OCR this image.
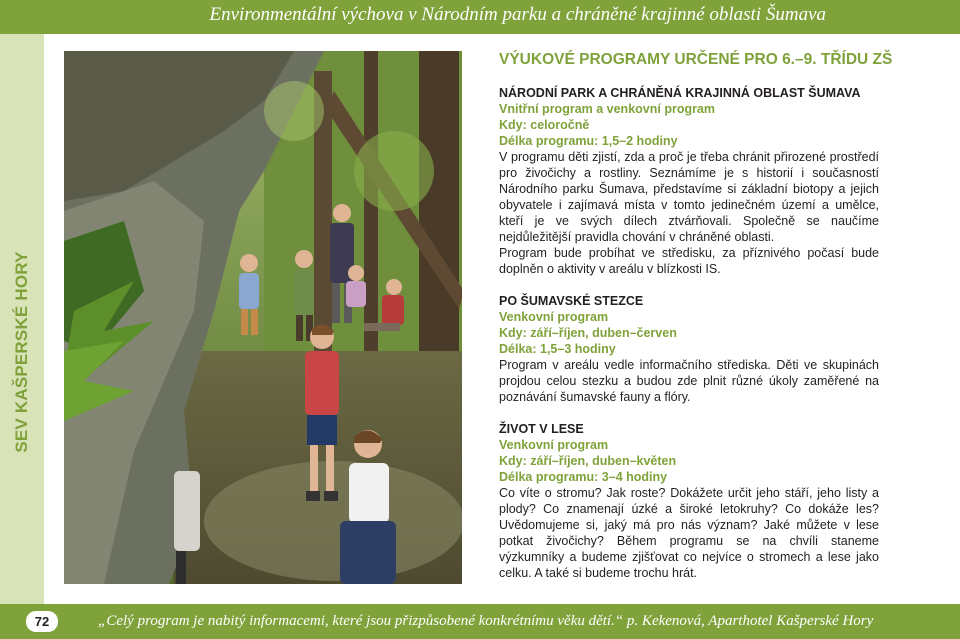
Environmentální výchova v Národním parku a chráněné krajinné oblasti Šumava
SEV KAŠPERSKÉ HORY
VÝUKOVÉ PROGRAMY URČENÉ PRO 6.–9. TŘÍDU ZŠ
NÁRODNÍ PARK A CHRÁNĚNÁ KRAJINNÁ OBLAST ŠUMAVA
Vnitřní program a venkovní program
Kdy: celoročně
Délka programu: 1,5–2 hodiny

V programu děti zjistí, zda a proč je třeba chránit přirozené prostředí pro živočichy a rostliny. Seznámíme je s historií i současností Národního parku Šumava, představíme si základní biotopy a jejich obyvatele i zajímavá místa v tomto jedinečném území a umělce, kteří je ve svých dílech ztvárňovali. Společně se naučíme nejdůležitější pravidla chování v chráněné oblasti.

Program bude probíhat ve středisku, za příznivého počasí bude doplněn o aktivity v areálu v blízkosti IS.

PO ŠUMAVSKÉ STEZCE
Venkovní program
Kdy: září–říjen, duben–červen
Délka: 1,5–3 hodiny

Program v areálu vedle informačního střediska. Děti ve skupinách projdou celou stezku a budou zde plnit různé úkoly zaměřené na poznávání šumavské fauny a flóry.

ŽIVOT V LESE
Venkovní program
Kdy: září–říjen, duben–květen
Délka programu: 3–4 hodiny

Co víte o stromu? Jak roste? Dokážete určit jeho stáří, jeho listy a plody? Co znamenají úzké a široké letokruhy? Co dokáže les? Uvědomujeme si, jaký má pro nás význam? Jaké můžete v lese potkat živočichy? Během programu se na chvíli staneme výzkumníky a budeme zjišťovat co nejvíce o stromech a lese jako celku. A také si budeme trochu hrát.

72	„Celý program je nabitý informacemi, které jsou přizpůsobené konkrétnímu věku dětí.“ p. Kekenová, Aparthotel Kašperské Hory
